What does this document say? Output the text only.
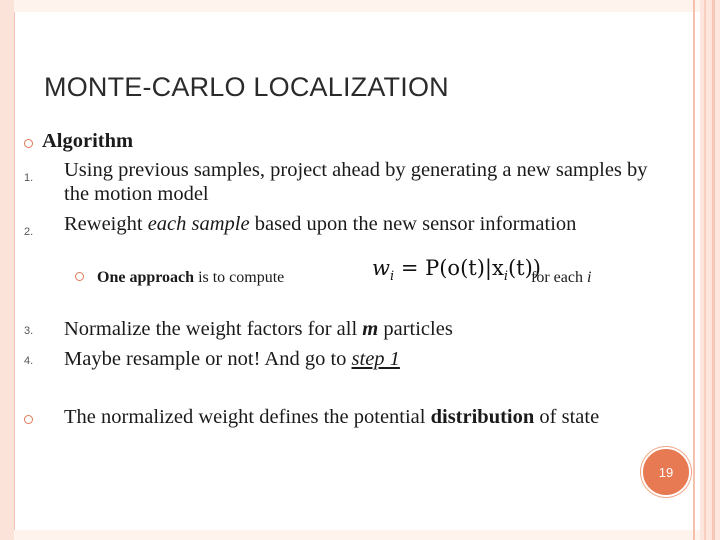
MONTE-CARLO LOCALIZATION
Algorithm
1. Using previous samples, project ahead by generating a new samples by
the motion model
2. Reweight each sample based upon the new sensor information
One approach is to compute	$w_i = P(o(t)|x_i(t))$
for each i
3. Normalize the weight factors for all m particles
4. Maybe resample or not! And go to step 1
The normalized weight defines the potential distribution of state
19
